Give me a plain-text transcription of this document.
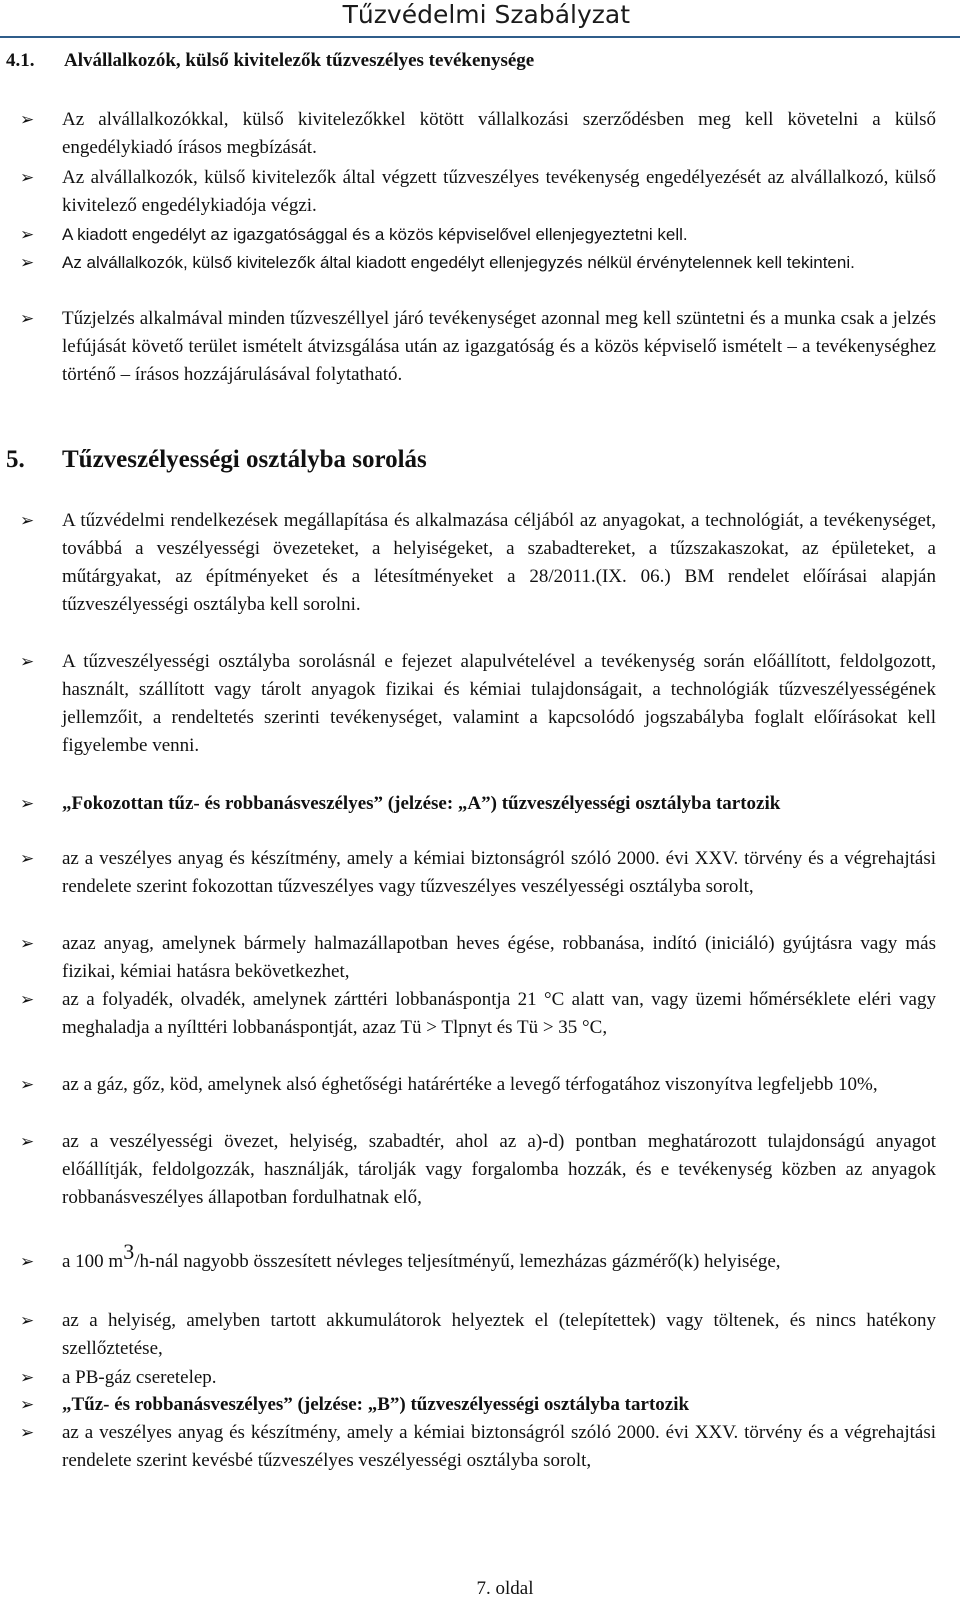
Tűzvédelmi Szabályzat
4.1. Alvállalkozók, külső kivitelezők tűzveszélyes tevékenysége
➢	Az alvállalkozókkal, külső kivitelezőkkel kötött vállalkozási szerződésben meg kell követelni a külső engedélykiadó írásos megbízását.
➢	Az alvállalkozók, külső kivitelezők által végzett tűzveszélyes tevékenység engedélyezését az alvállalkozó, külső kivitelező engedélykiadója végzi.
➢	A kiadott engedélyt az igazgatósággal és a közös képviselővel ellenjegyeztetni kell.
➢	Az alvállalkozók, külső kivitelezők által kiadott engedélyt ellenjegyzés nélkül érvénytelennek kell tekinteni.
➢	Tűzjelzés alkalmával minden tűzveszéllyel járó tevékenységet azonnal meg kell szüntetni és a munka csak a jelzés lefújását követő terület ismételt átvizsgálása után az igazgatóság és a közös képviselő ismételt – a tevékenységhez történő – írásos hozzájárulásával folytatható.
5. Tűzveszélyességi osztályba sorolás
➢	A tűzvédelmi rendelkezések megállapítása és alkalmazása céljából az anyagokat, a technológiát, a tevékenységet, továbbá a veszélyességi övezeteket, a helyiségeket, a szabadtereket, a tűzszakaszokat, az épületeket, a műtárgyakat, az építményeket és a létesítményeket a 28/2011.(IX. 06.) BM rendelet előírásai alapján tűzveszélyességi osztályba kell sorolni.
➢	A tűzveszélyességi osztályba sorolásnál e fejezet alapulvételével a tevékenység során előállított, feldolgozott, használt, szállított vagy tárolt anyagok fizikai és kémiai tulajdonságait, a technológiák tűzveszélyességének jellemzőit, a rendeltetés szerinti tevékenységet, valamint a kapcsolódó jogszabályba foglalt előírásokat kell figyelembe venni.
➢	„Fokozottan tűz- és robbanásveszélyes” (jelzése: „A”) tűzveszélyességi osztályba tartozik
➢	az a veszélyes anyag és készítmény, amely a kémiai biztonságról szóló 2000. évi XXV. törvény és a végrehajtási rendelete szerint fokozottan tűzveszélyes vagy tűzveszélyes veszélyességi osztályba sorolt,
➢	azaz anyag, amelynek bármely halmazállapotban heves égése, robbanása, indító (iniciáló) gyújtásra vagy más fizikai, kémiai hatásra bekövetkezhet,
➢	az a folyadék, olvadék, amelynek zárttéri lobbanáspontja 21 °C alatt van, vagy üzemi hőmérséklete eléri vagy meghaladja a nyílttéri lobbanáspontját, azaz Tü > Tlpnyt és Tü > 35 °C,
➢	az a gáz, gőz, köd, amelynek alsó éghetőségi határértéke a levegő térfogatához viszonyítva legfeljebb 10%,
➢	az a veszélyességi övezet, helyiség, szabadtér, ahol az a)-d) pontban meghatározott tulajdonságú anyagot előállítják, feldolgozzák, használják, tárolják vagy forgalomba hozzák, és e tevékenység közben az anyagok robbanásveszélyes állapotban fordulhatnak elő,
➢	a 100 $m^3/h$-nál nagyobb összesített névleges teljesítményű, lemezházas gázmérő(k) helyisége,
➢	az a helyiség, amelyben tartott akkumulátorok helyeztek el (telepítettek) vagy töltenek, és nincs hatékony szellőztetése,
➢	a PB-gáz cseretelep.
➢	„Tűz- és robbanásveszélyes” (jelzése: „B”) tűzveszélyességi osztályba tartozik
➢	az a veszélyes anyag és készítmény, amely a kémiai biztonságról szóló 2000. évi XXV. törvény és a végrehajtási rendelete szerint kevésbé tűzveszélyes veszélyességi osztályba sorolt,
7. oldal
